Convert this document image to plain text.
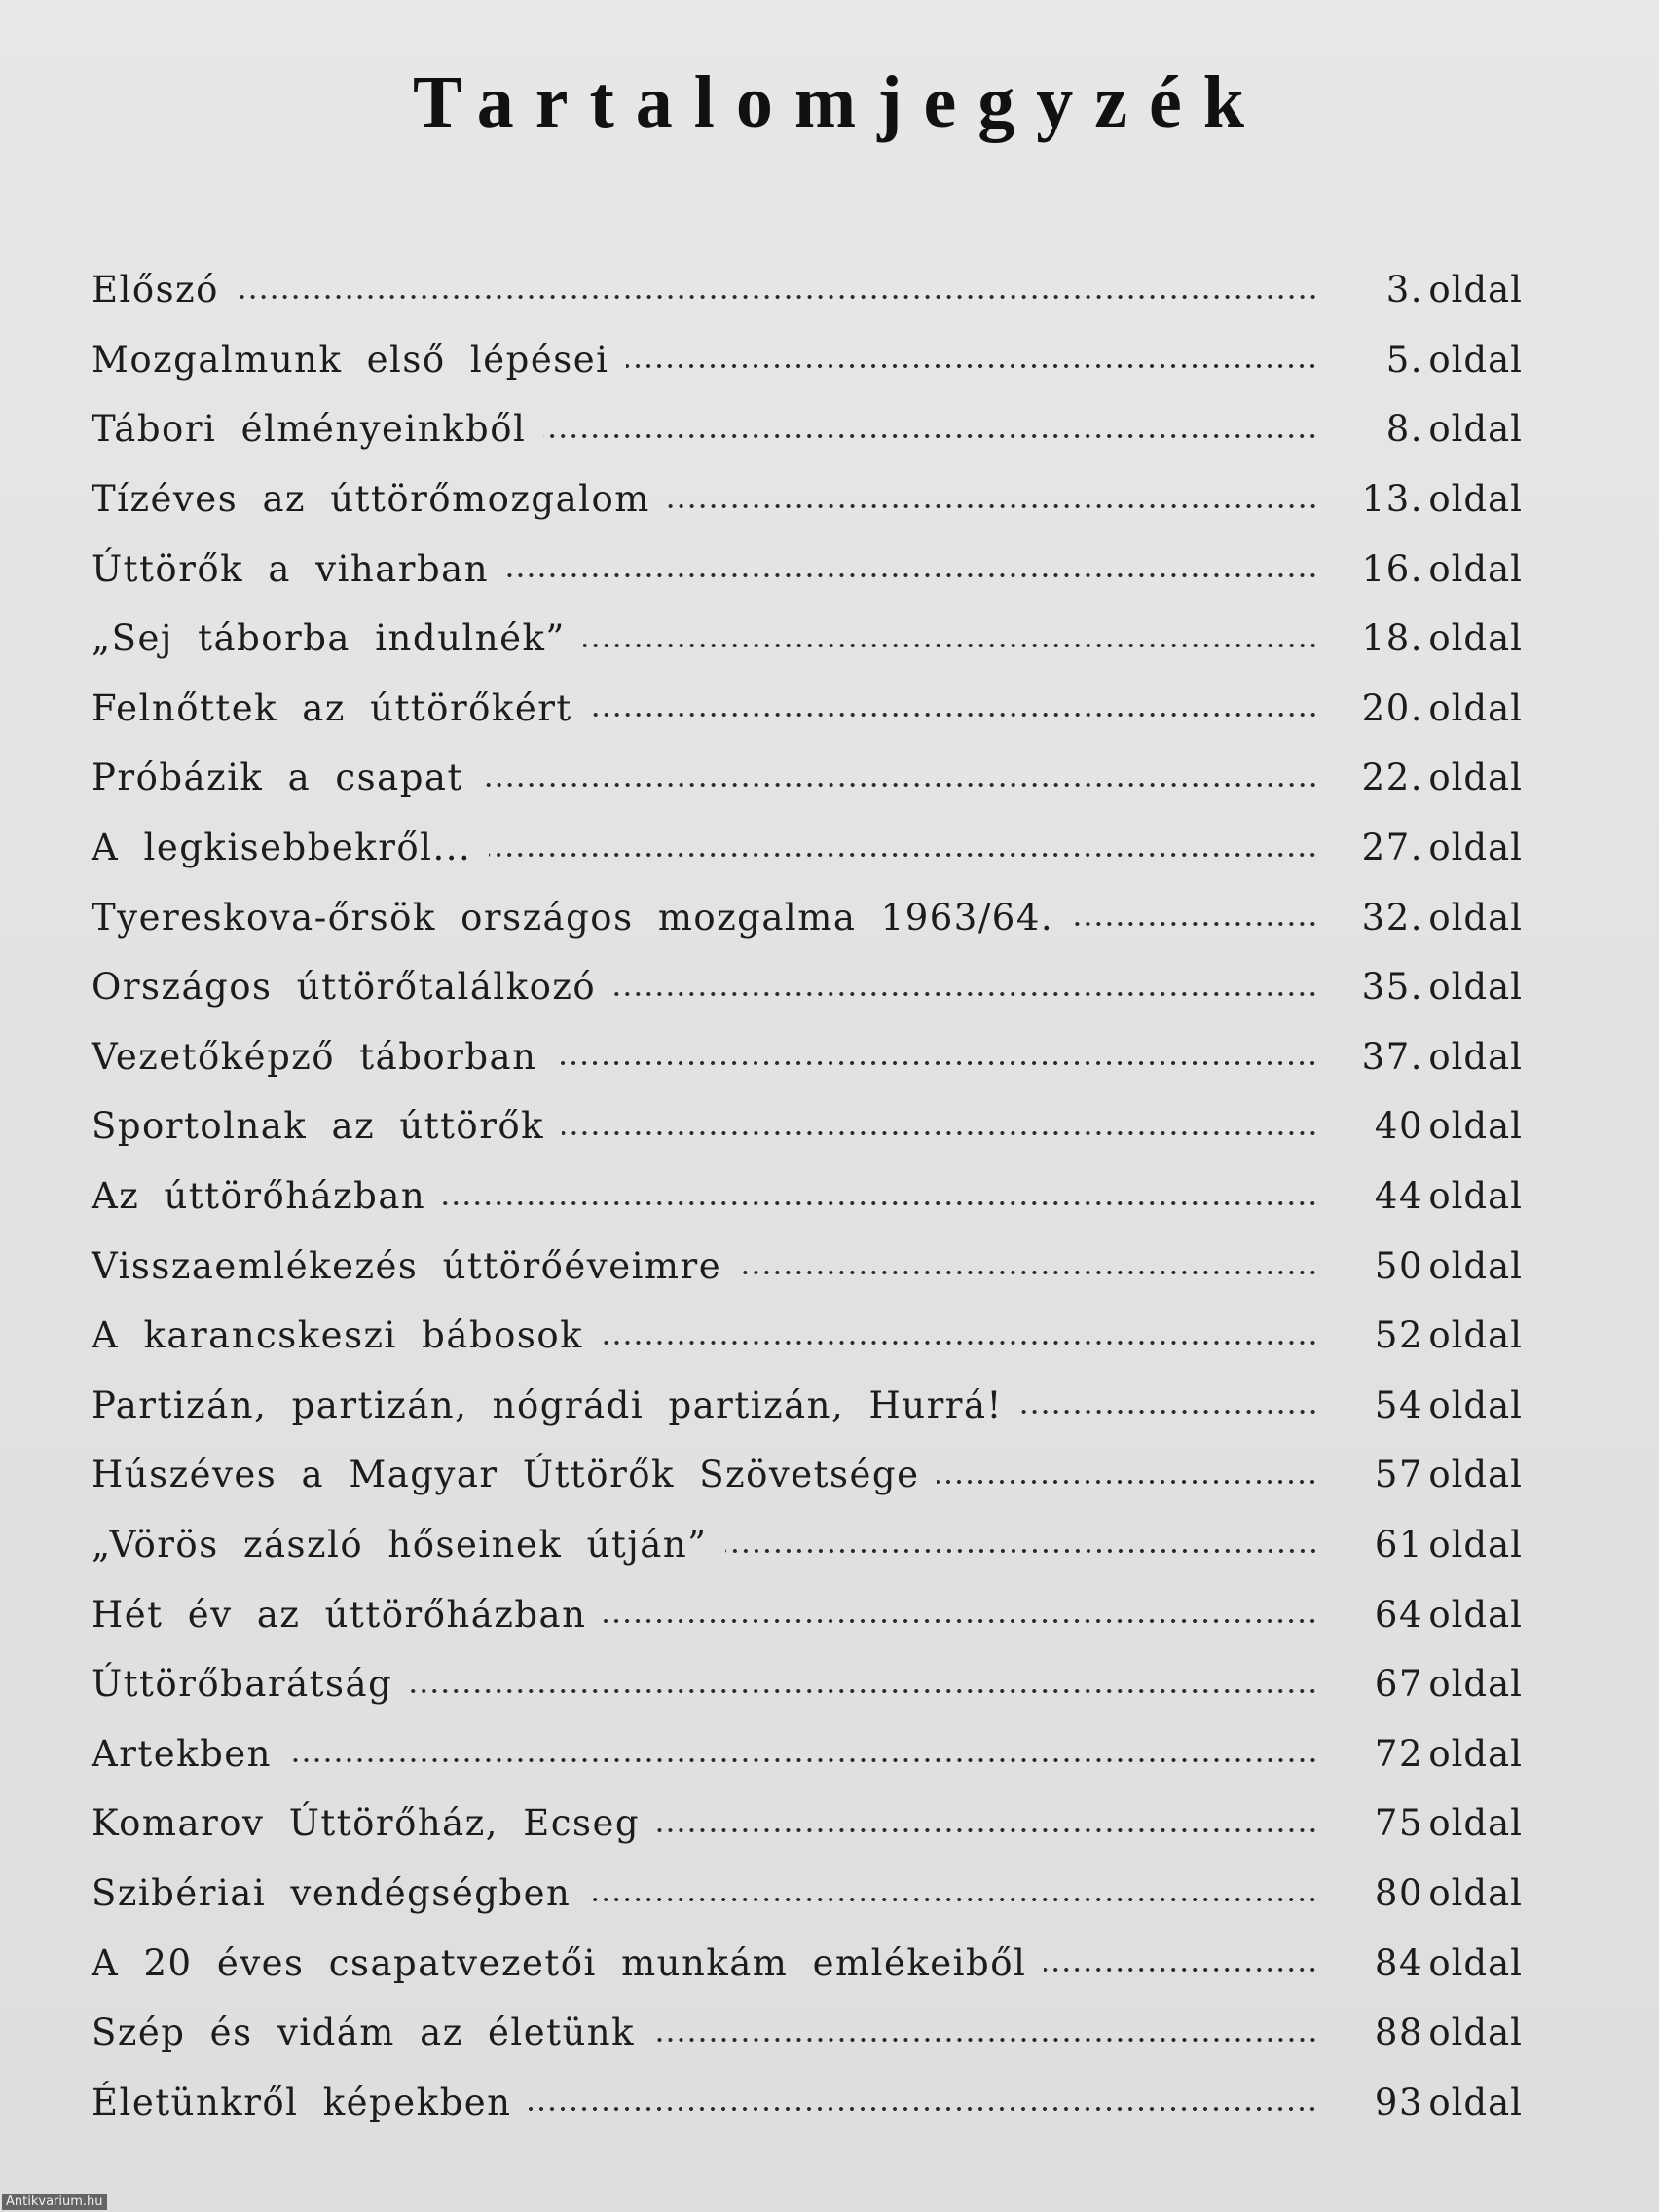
Tartalomjegyzék
Előszó	3. oldal
Mozgalmunk első lépései	5. oldal
Tábori élményeinkből	8. oldal
Tízéves az úttörőmozgalom	13. oldal
Úttörők a viharban	16. oldal
„Sej táborba indulnék”	18. oldal
Felnőttek az úttörőkért	20. oldal
Próbázik a csapat	22. oldal
A legkisebbekről...	27. oldal
Tyereskova-őrsök országos mozgalma 1963/64.	32. oldal
Országos úttörőtalálkozó	35. oldal
Vezetőképző táborban	37. oldal
Sportolnak az úttörők	40 oldal
Az úttörőházban	44 oldal
Visszaemlékezés úttörőéveimre	50 oldal
A karancskeszi bábosok	52 oldal
Partizán, partizán, nógrádi partizán, Hurrá!	54 oldal
Húszéves a Magyar Úttörők Szövetsége	57 oldal
„Vörös zászló hőseinek útján”	61 oldal
Hét év az úttörőházban	64 oldal
Úttörőbarátság	67 oldal
Artekben	72 oldal
Komarov Úttörőház, Ecseg	75 oldal
Szibériai vendégségben	80 oldal
A 20 éves csapatvezetői munkám emlékeiből	84 oldal
Szép és vidám az életünk	88 oldal
Életünkről képekben	93 oldal
Antikvarium.hu
